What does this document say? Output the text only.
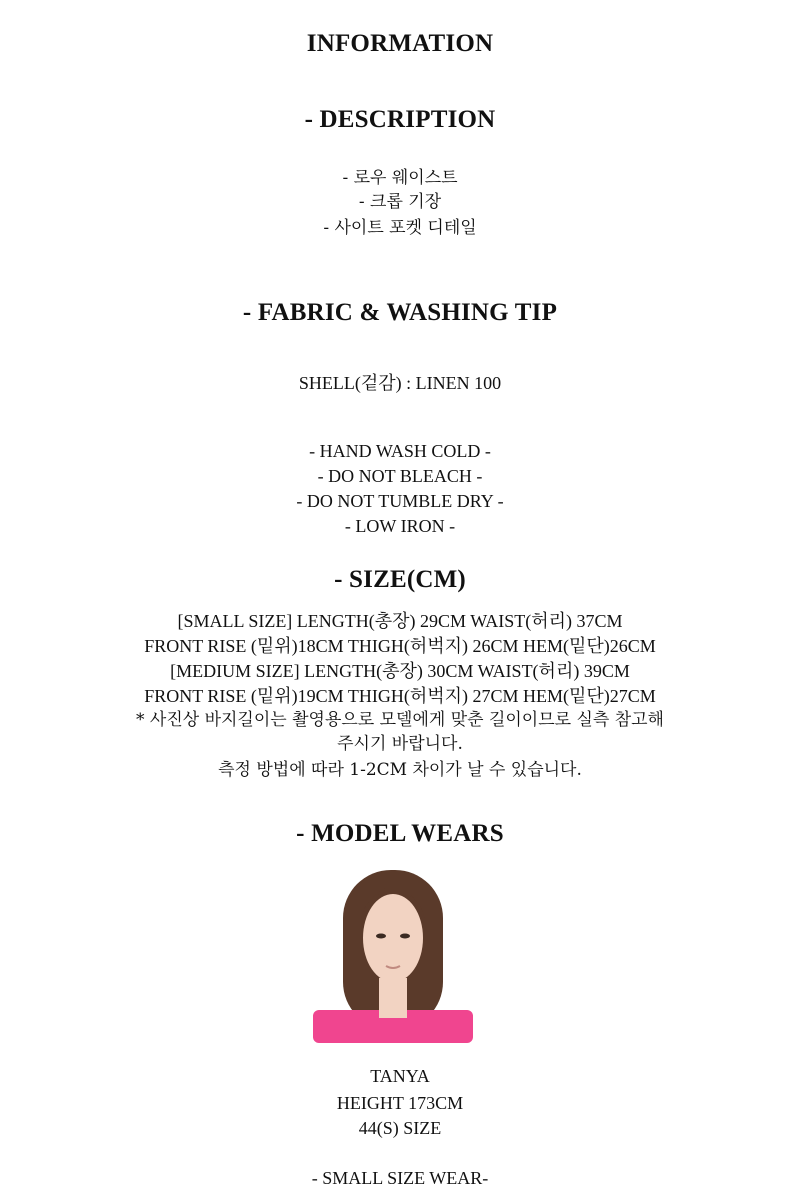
INFORMATION
- DESCRIPTION

- 로우 웨이스트

- 크롭 기장

- 사이트 포켓 디테일

- FABRIC & WASHING TIP

SHELL(겉감) : LINEN 100

- HAND WASH COLD -

- DO NOT BLEACH -

- DO NOT TUMBLE DRY -

- LOW IRON -

- SIZE(CM)

[SMALL SIZE] LENGTH(총장) 29CM WAIST(허리) 37CM

FRONT RISE (밑위)18CM THIGH(허벅지) 26CM HEM(밑단)26CM

[MEDIUM SIZE] LENGTH(총장) 30CM WAIST(허리) 39CM

FRONT RISE (밑위)19CM THIGH(허벅지) 27CM HEM(밑단)27CM

* 사진상 바지길이는 촬영용으로 모델에게 맞춘 길이이므로 실측 참고해

주시기 바랍니다.

측정 방법에 따라 1-2CM 차이가 날 수 있습니다.

- MODEL WEARS

TANYA

HEIGHT 173CM

44(S) SIZE

- SMALL SIZE WEAR-
